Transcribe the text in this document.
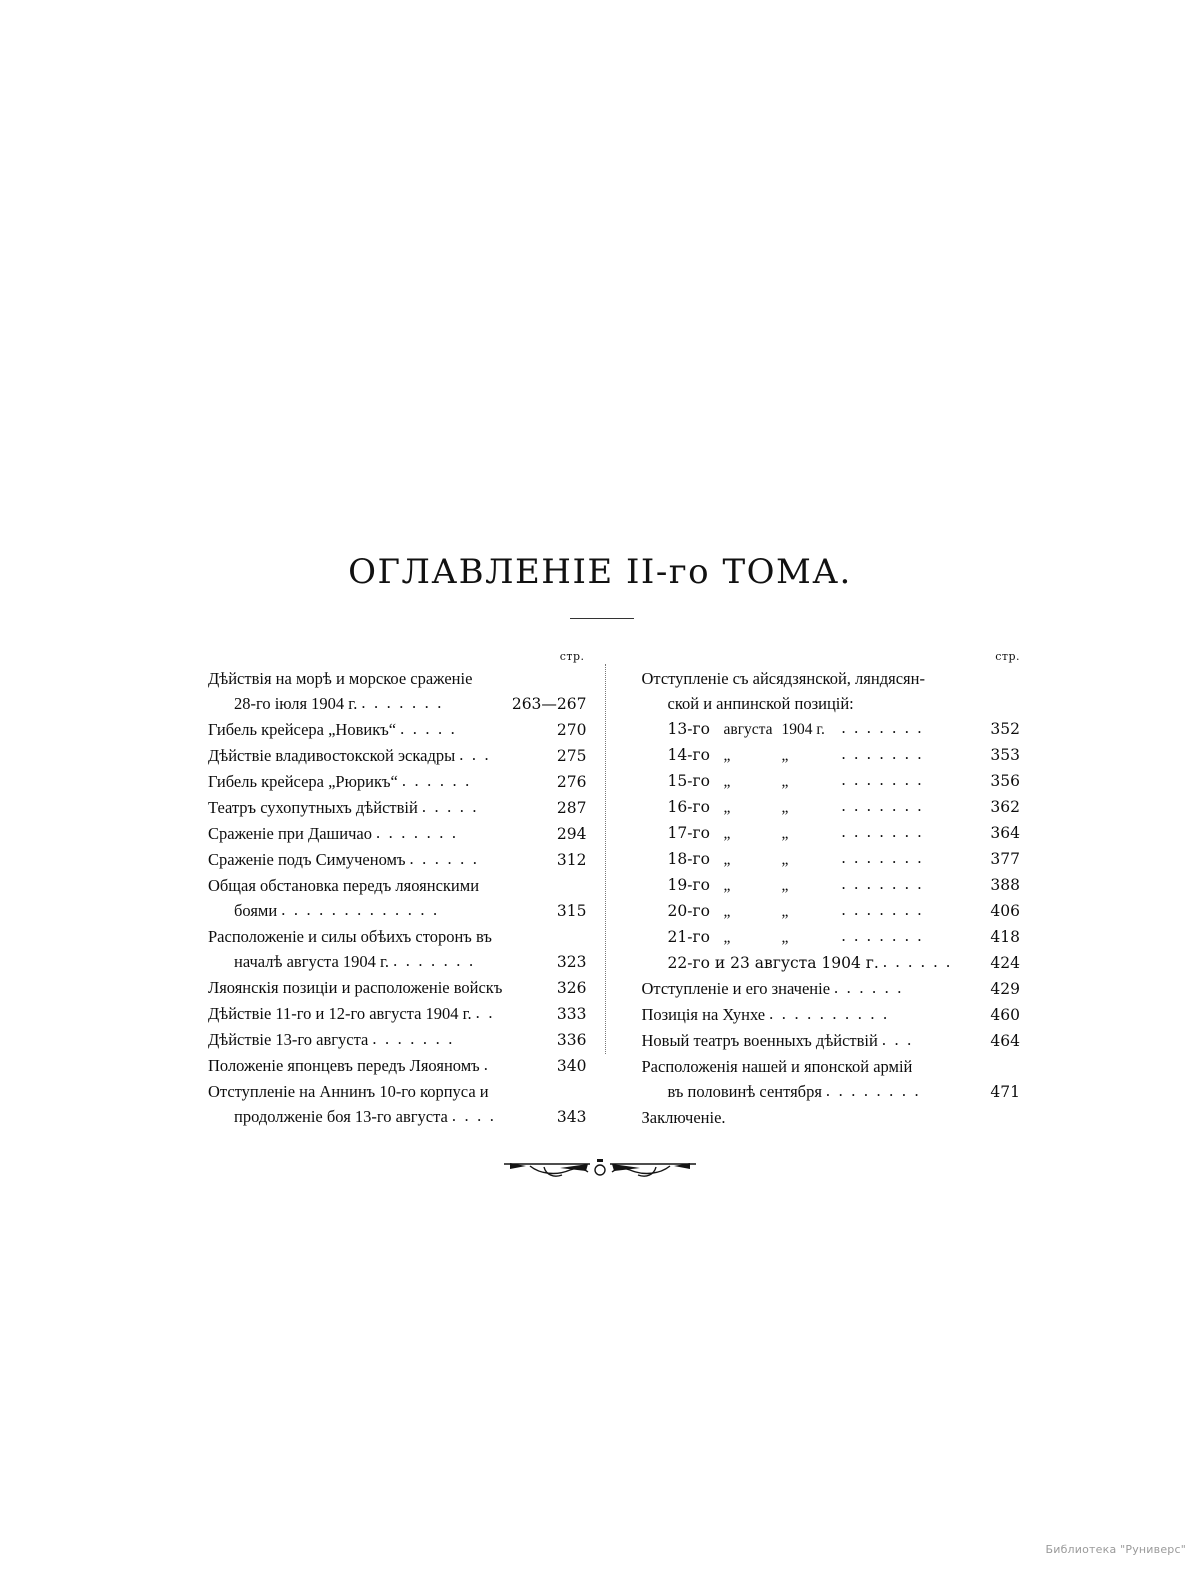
ОГЛАВЛЕНІЕ II-го ТОМА.
стр.
Дѣйствія на морѣ и морское сраженіе
28-го іюля 1904 г. . . . . . . .	263—267
Гибель крейсера „Новикъ“ . . . . .	270
Дѣйствіе владивостокской эскадры . . .	275
Гибель крейсера „Рюрикъ“ . . . . . .	276
Театръ сухопутныхъ дѣйствій . . . . .	287
Сраженіе при Дашичао . . . . . . .	294
Сраженіе подъ Симученомъ . . . . . .	312
Общая обстановка передъ ляоянскими
боями . . . . . . . . . . . . .	315
Расположеніе и силы обѣихъ сторонъ въ
началѣ августа 1904 г. . . . . . . .	323
Ляоянскія позиціи и расположеніе войскъ	326
Дѣйствіе 11-го и 12-го августа 1904 г. . .	333
Дѣйствіе 13-го августа . . . . . . .	336
Положеніе японцевъ передъ Ляояномъ .	340
Отступленіе на Аннинъ 10-го корпуса и
продолженіе боя 13-го августа . . . .	343
стр.
Отступленіе съ айсядзянской, ляндясян-
ской и анпинской позицій:
13-го августа 1904 г.	. . . . . . .	352
14-го „	„	. . . . . . .	353
15-го „	„	. . . . . . .	356
16-го „	„	. . . . . . .	362
17-го „	„	. . . . . . .	364
18-го „	„	. . . . . . .	377
19-го „	„	. . . . . . .	388
20-го „	„	. . . . . . .	406
21-го „	„	. . . . . . .	418
22-го и 23 августа 1904 г. . . . . . .	424
Отступленіе и его значеніе . . . . . .	429
Позиція на Хунхе . . . . . . . . . .	460
Новый театръ военныхъ дѣйствій . . .	464
Расположенія нашей и японской армій
въ половинѣ сентября . . . . . . . .	471
Заключеніе.
Библиотека "Руниверс"
